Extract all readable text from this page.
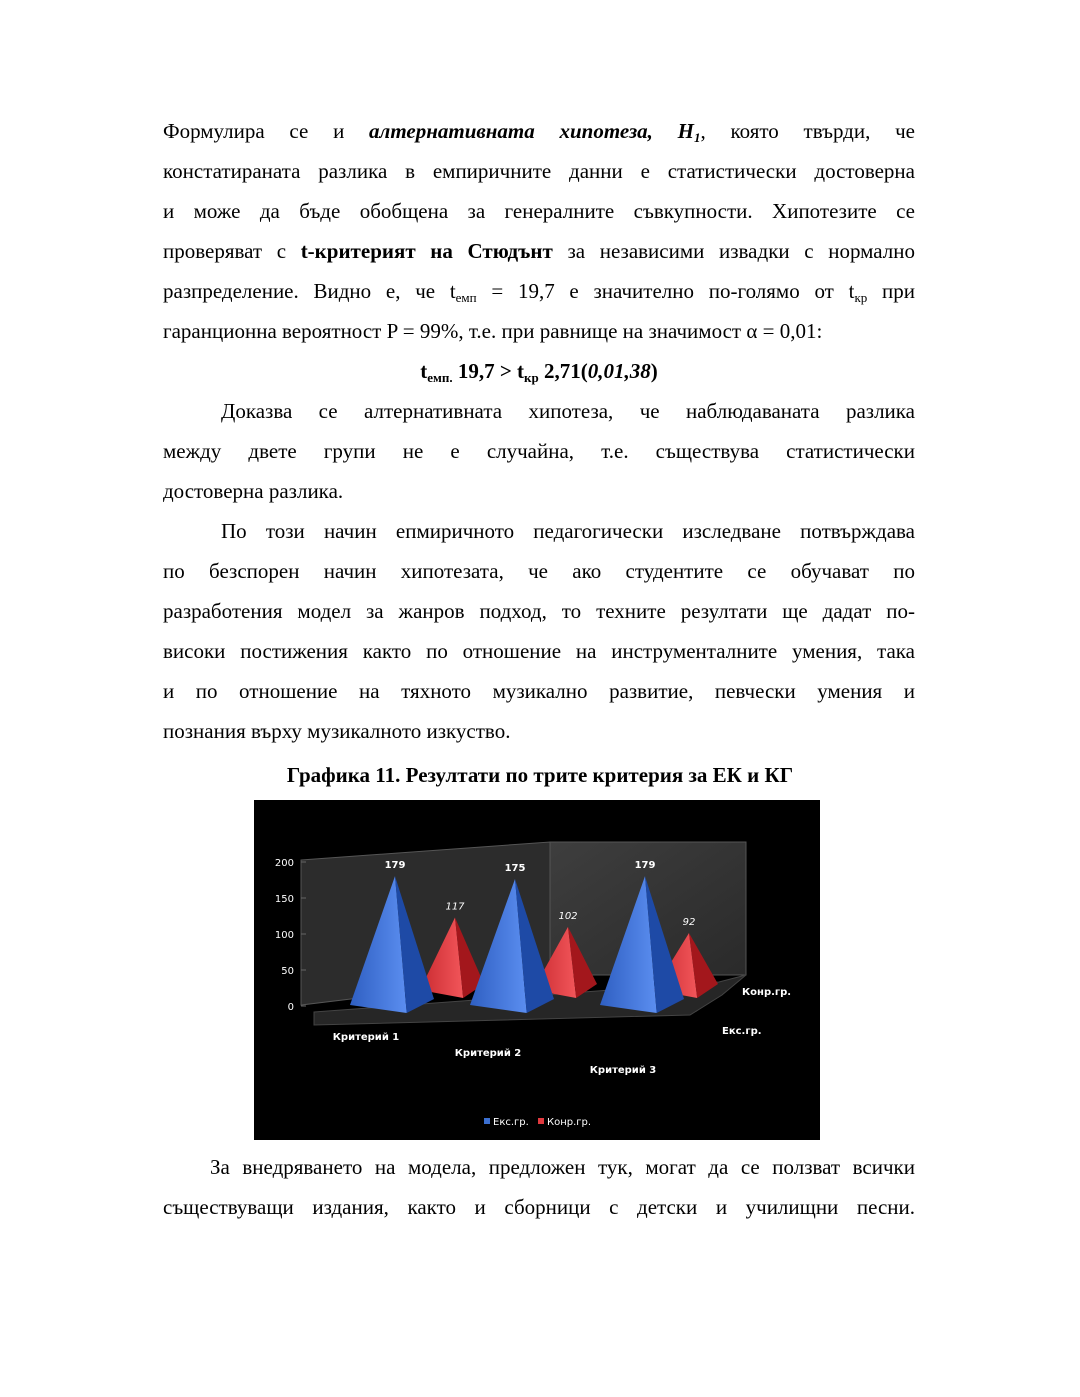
Формулира се и алтернативната хипотеза, $H_1$, която твърди, че
констатираната разлика в емпиричните данни е статистически достоверна
и може да бъде обобщена за генералните съвкупности. Хипотезите се
проверяват с t-критерият на Стюдънт за независими извадки с нормално
разпределение. Видно е, че $t_{емп} = 19,7$ е значително по-голямо от $t_{кр}$ при
гаранционна вероятност P = 99%, т.е. при равнище на значимост α = 0,01:
$t_{емп.}$ $19,7 > t_{кр}$ 2,71(0,01,38)
Доказва се алтернативната хипотеза, че наблюдаваната разлика
между двете групи не е случайна, т.е. съществува статистически
достоверна разлика.
По този начин епмиричното педагогически изследване потвърждава
по безспорен начин хипотезата, че ако студентите се обучават по
разработения модел за жанров подход, то техните резултати ще дадат по-
високи постижения както по отношение на инструменталните умения, така
и по отношение на тяхното музикално развитие, певчески умения и
познания върху музикалното изкуство.
Графика 11. Резултати по трите критерия за ЕК и КГ
0
50
100
150
200
117
102
92
179	175	179
Критерий 1
Критерий 2
Критерий 3
Екс.гр.
Конр.гр.
Екс.гр. Конр.гр.
За внедряването на модела, предложен тук, могат да се ползват всички
съществуващи издания, както и сборници с детски и училищни песни.
